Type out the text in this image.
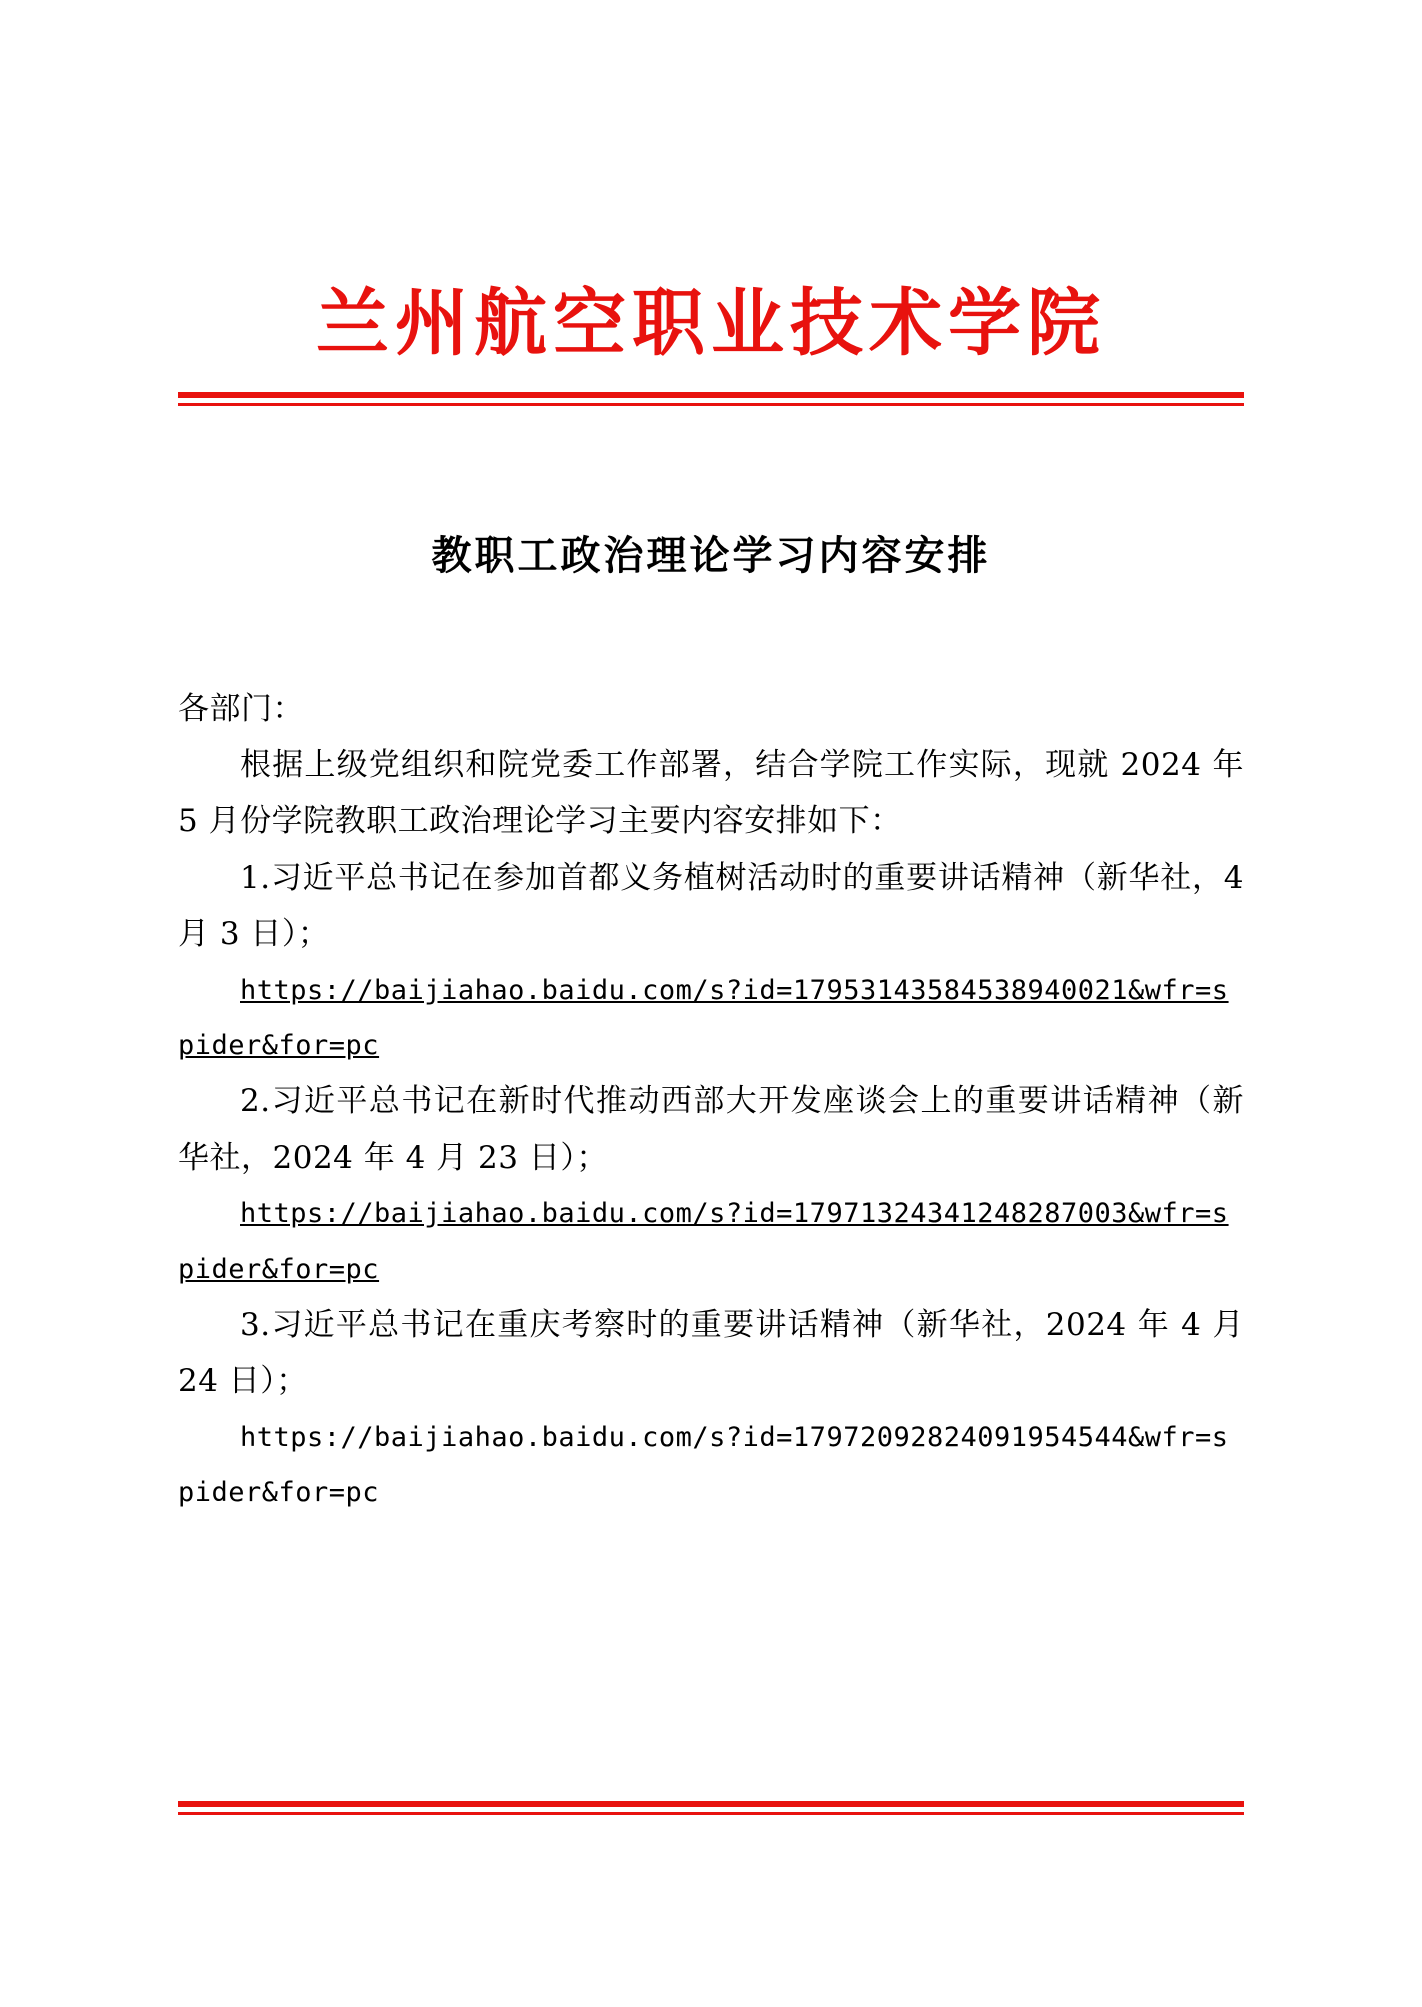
兰州航空职业技术学院
教职工政治理论学习内容安排

各部门：

根据上级党组织和院党委工作部署，结合学院工作实际，现就 2024 年 5 月份学院教职工政治理论学习主要内容安排如下：

1.习近平总书记在参加首都义务植树活动时的重要讲话精神（新华社，4 月 3 日）；

https://baijiahao.baidu.com/s?id=17953143584538940021&wfr=spider&for=pc

2.习近平总书记在新时代推动西部大开发座谈会上的重要讲话精神（新华社，2024 年 4 月 23 日）；

https://baijiahao.baidu.com/s?id=17971324341248287003&wfr=spider&for=pc

3.习近平总书记在重庆考察时的重要讲话精神（新华社，2024 年 4 月 24 日）；

https://baijiahao.baidu.com/s?id=17972092824091954544&wfr=spider&for=pc
